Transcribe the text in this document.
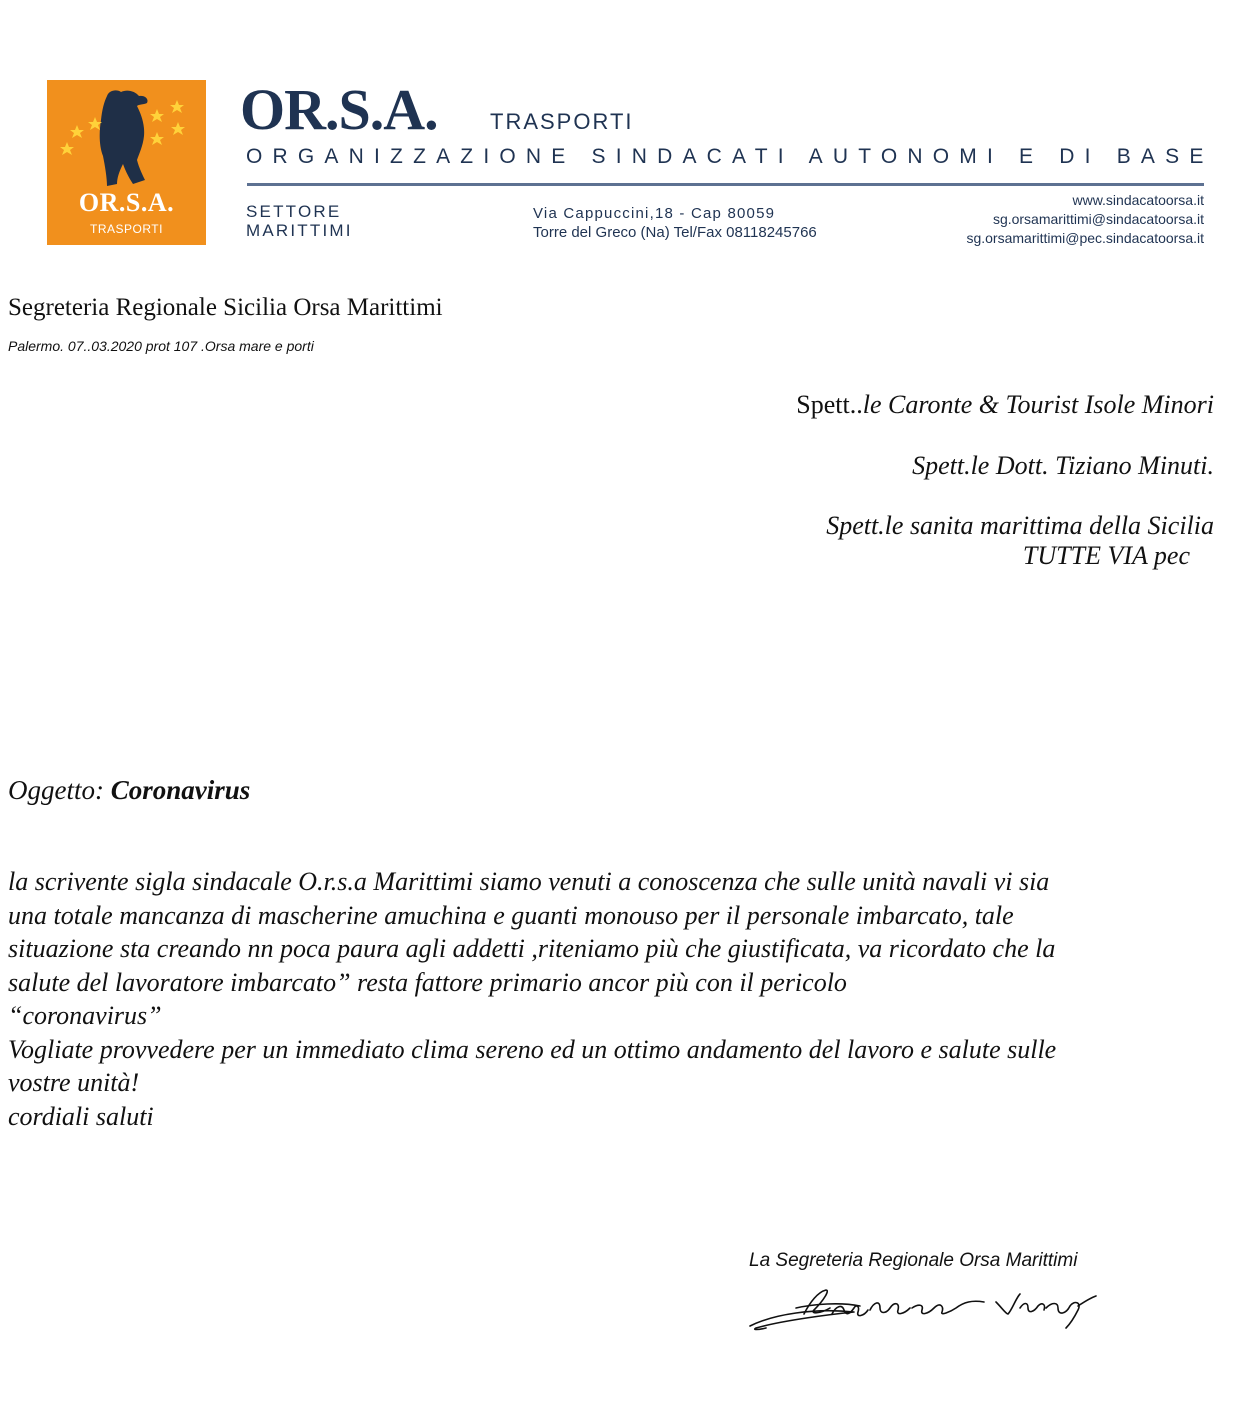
OR.S.A.
TRASPORTI
OR.S.A. TRASPORTI
ORGANIZZAZIONE SINDACATI AUTONOMI E DI BASE
SETTORE
MARITTIMI
Via Cappuccini,18 - Cap 80059
Torre del Greco (Na) Tel/Fax 08118245766
www.sindacatoorsa.it
sg.orsamarittimi@sindacatoorsa.it
sg.orsamarittimi@pec.sindacatoorsa.it
Segreteria Regionale Sicilia Orsa Marittimi
Palermo. 07..03.2020 prot 107 .Orsa mare e porti
Spett..le Caronte & Tourist Isole Minori
Spett.le Dott. Tiziano Minuti.
Spett.le sanita marittima della Sicilia
TUTTE VIA pec
Oggetto: Coronavirus
la scrivente sigla sindacale O.r.s.a Marittimi siamo venuti a conoscenza che sulle unità navali vi sia
una totale mancanza di mascherine amuchina e guanti monouso per il personale imbarcato, tale
situazione sta creando nn poca paura agli addetti ,riteniamo più che giustificata, va ricordato che la
salute del lavoratore imbarcato” resta fattore primario ancor più con il pericolo
“coronavirus”
Vogliate provvedere per un immediato clima sereno ed un ottimo andamento del lavoro e salute sulle
vostre unità!
cordiali saluti
La Segreteria Regionale Orsa Marittimi
